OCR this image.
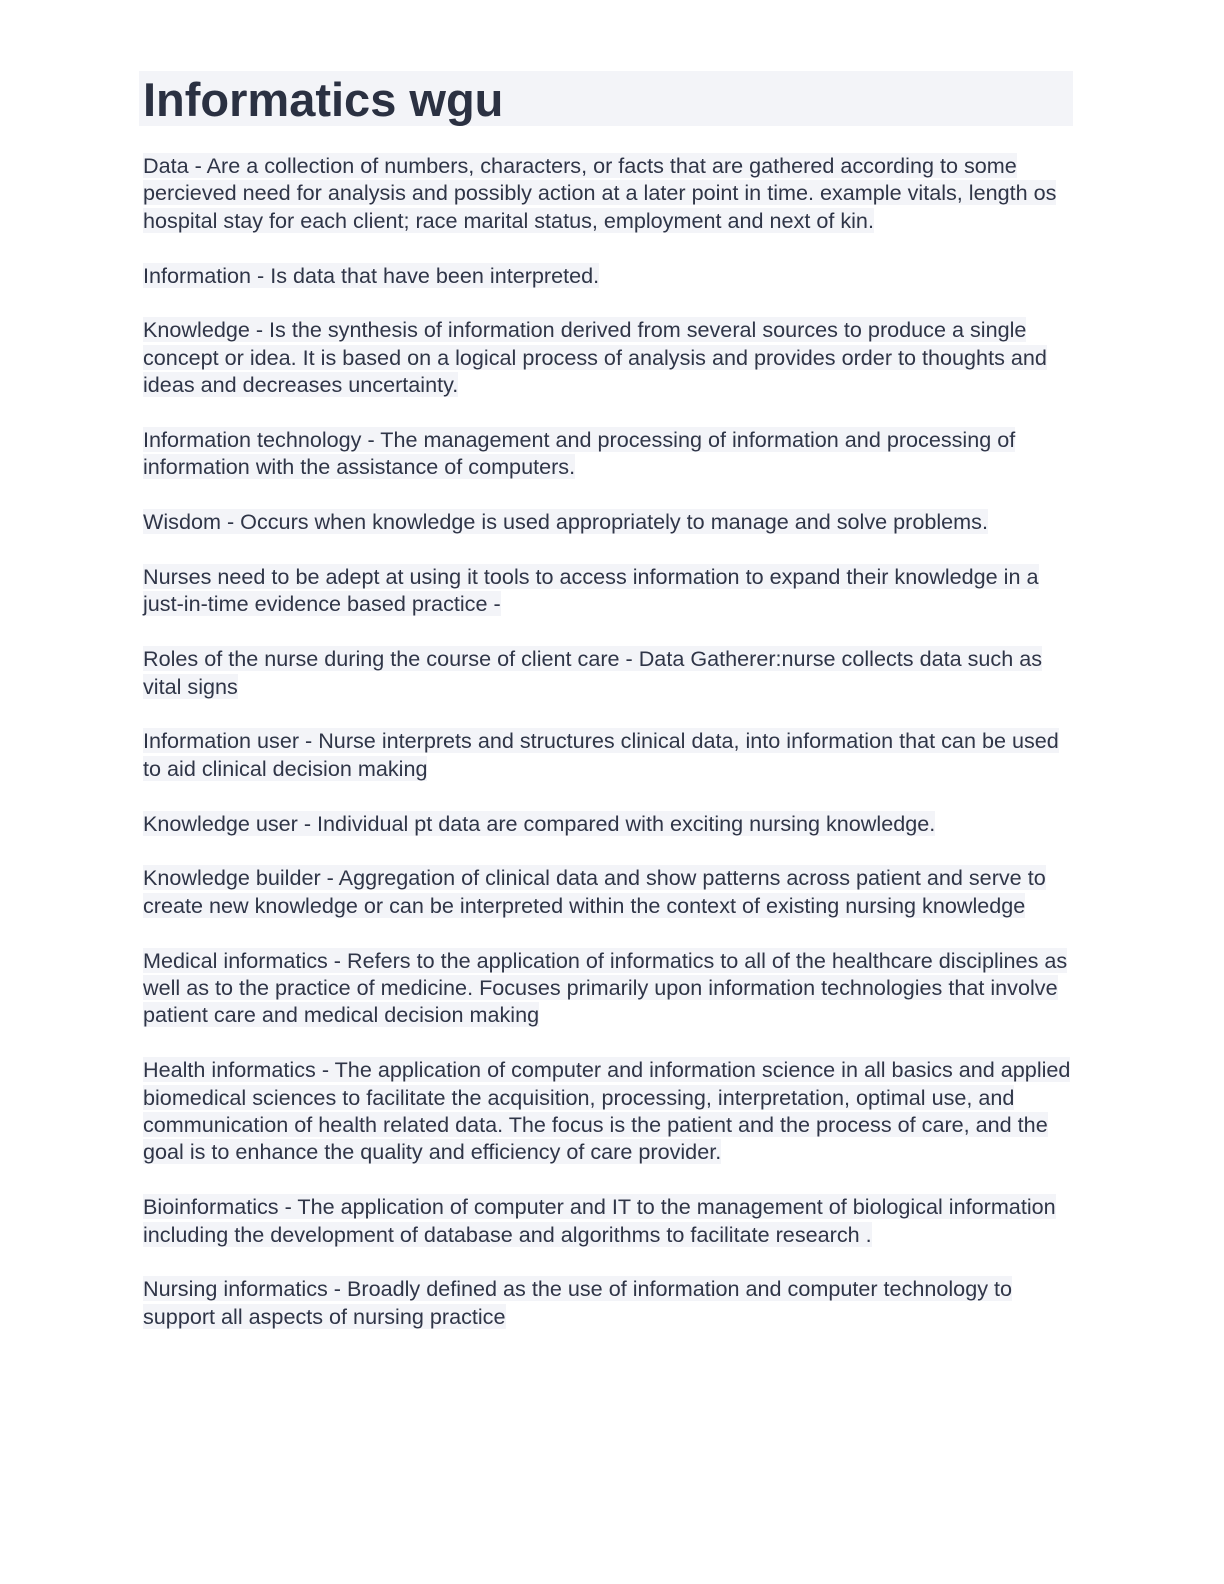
Informatics wgu

Data - Are a collection of numbers, characters, or facts that are gathered according to some percieved need for analysis and possibly action at a later point in time. example vitals, length os hospital stay for each client; race marital status, employment and next of kin.

Information - Is data that have been interpreted.

Knowledge - Is the synthesis of information derived from several sources to produce a single concept or idea. It is based on a logical process of analysis and provides order to thoughts and ideas and decreases uncertainty.

Information technology - The management and processing of information and processing of information with the assistance of computers.

Wisdom - Occurs when knowledge is used appropriately to manage and solve problems.

Nurses need to be adept at using it tools to access information to expand their knowledge in a just-in-time evidence based practice -

Roles of the nurse during the course of client care - Data Gatherer:nurse collects data such as vital signs

Information user - Nurse interprets and structures clinical data, into information that can be used to aid clinical decision making

Knowledge user - Individual pt data are compared with exciting nursing knowledge.

Knowledge builder - Aggregation of clinical data and show patterns across patient and serve to create new knowledge or can be interpreted within the context of existing nursing knowledge

Medical informatics - Refers to the application of informatics to all of the healthcare disciplines as well as to the practice of medicine. Focuses primarily upon information technologies that involve patient care and medical decision making

Health informatics - The application of computer and information science in all basics and applied biomedical sciences to facilitate the acquisition, processing, interpretation, optimal use, and communication of health related data. The focus is the patient and the process of care, and the goal is to enhance the quality and efficiency of care provider.

Bioinformatics - The application of computer and IT to the management of biological information including the development of database and algorithms to facilitate research .

Nursing informatics - Broadly defined as the use of information and computer technology to support all aspects of nursing practice
